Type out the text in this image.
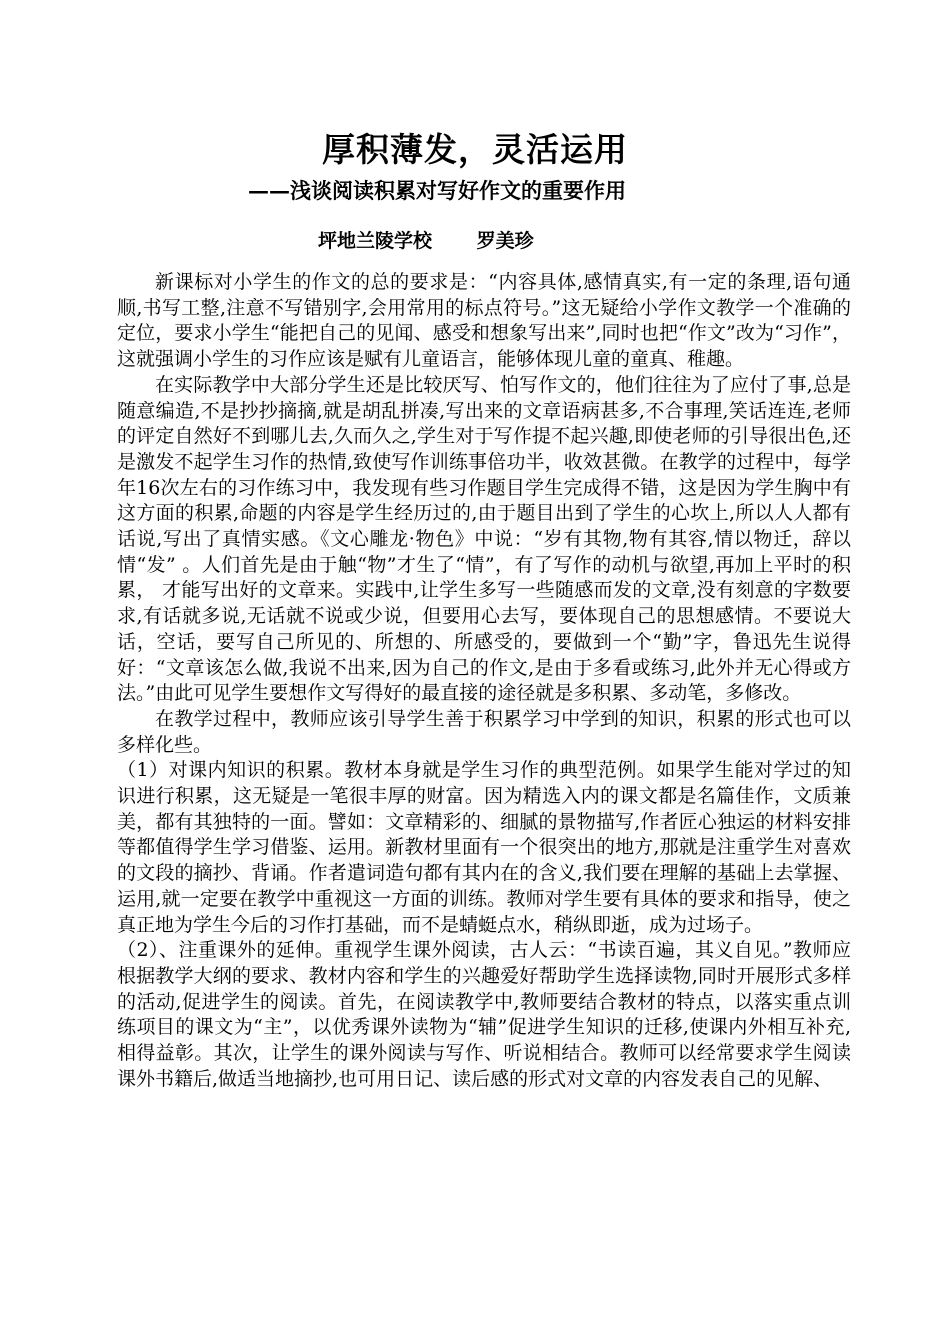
厚积薄发，灵活运用
——浅谈阅读积累对写好作文的重要作用
坪地兰陵学校 罗美珍

新课标对小学生的作文的总的要求是：“内容具体,感情真实,有一定的条理,语句通顺,书写工整,注意不写错别字,会用常用的标点符号。”这无疑给小学作文教学一个准确的定位，要求小学生“能把自己的见闻、感受和想象写出来”,同时也把“作文”改为“习作”，这就强调小学生的习作应该是赋有儿童语言，能够体现儿童的童真、稚趣。

在实际教学中大部分学生还是比较厌写、怕写作文的，他们往往为了应付了事,总是随意编造,不是抄抄摘摘,就是胡乱拼凑,写出来的文章语病甚多,不合事理,笑话连连,老师的评定自然好不到哪儿去,久而久之,学生对于写作提不起兴趣,即使老师的引导很出色,还是激发不起学生习作的热情,致使写作训练事倍功半，收效甚微。在教学的过程中，每学年16次左右的习作练习中，我发现有些习作题目学生完成得不错，这是因为学生胸中有这方面的积累,命题的内容是学生经历过的,由于题目出到了学生的心坎上,所以人人都有话说,写出了真情实感。《文心雕龙·物色》中说：“岁有其物,物有其容,情以物迁，辞以情“发” 。人们首先是由于触“物”才生了“情”，有了写作的动机与欲望,再加上平时的积累， 才能写出好的文章来。实践中,让学生多写一些随感而发的文章,没有刻意的字数要求,有话就多说,无话就不说或少说，但要用心去写，要体现自己的思想感情。不要说大话，空话，要写自己所见的、所想的、所感受的，要做到一个“勤”字，鲁迅先生说得好：“文章该怎么做,我说不出来,因为自己的作文,是由于多看或练习,此外并无心得或方法。”由此可见学生要想作文写得好的最直接的途径就是多积累、多动笔，多修改。

在教学过程中，教师应该引导学生善于积累学习中学到的知识，积累的形式也可以多样化些。

（1）对课内知识的积累。教材本身就是学生习作的典型范例。如果学生能对学过的知识进行积累，这无疑是一笔很丰厚的财富。因为精选入内的课文都是名篇佳作，文质兼美，都有其独特的一面。譬如：文章精彩的、细腻的景物描写,作者匠心独运的材料安排等都值得学生学习借鉴、运用。新教材里面有一个很突出的地方,那就是注重学生对喜欢的文段的摘抄、背诵。作者遣词造句都有其内在的含义,我们要在理解的基础上去掌握、运用,就一定要在教学中重视这一方面的训练。教师对学生要有具体的要求和指导，使之真正地为学生今后的习作打基础，而不是蜻蜓点水，稍纵即逝，成为过场子。

（2）、注重课外的延伸。重视学生课外阅读，古人云：“书读百遍，其义自见。”教师应根据教学大纲的要求、教材内容和学生的兴趣爱好帮助学生选择读物,同时开展形式多样的活动,促进学生的阅读。首先，在阅读教学中,教师要结合教材的特点，以落实重点训练项目的课文为“主”，以优秀课外读物为“辅”促进学生知识的迁移,使课内外相互补充,相得益彰。其次，让学生的课外阅读与写作、听说相结合。教师可以经常要求学生阅读课外书籍后,做适当地摘抄,也可用日记、读后感的形式对文章的内容发表自己的见解、
